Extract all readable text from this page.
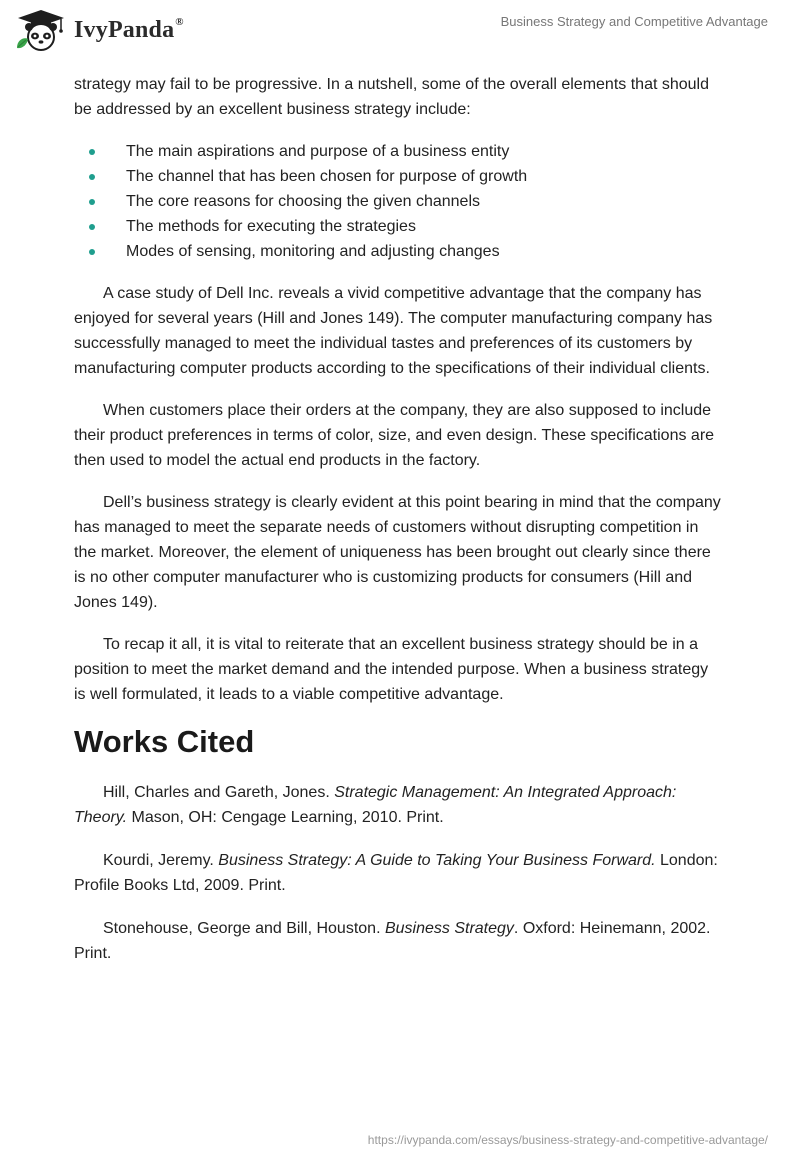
IvyPanda®	Business Strategy and Competitive Advantage

strategy may fail to be progressive. In a nutshell, some of the overall elements that should be addressed by an excellent business strategy include:

The main aspirations and purpose of a business entity
The channel that has been chosen for purpose of growth
The core reasons for choosing the given channels
The methods for executing the strategies
Modes of sensing, monitoring and adjusting changes

A case study of Dell Inc. reveals a vivid competitive advantage that the company has enjoyed for several years (Hill and Jones 149). The computer manufacturing company has successfully managed to meet the individual tastes and preferences of its customers by manufacturing computer products according to the specifications of their individual clients.

When customers place their orders at the company, they are also supposed to include their product preferences in terms of color, size, and even design. These specifications are then used to model the actual end products in the factory.

Dell’s business strategy is clearly evident at this point bearing in mind that the company has managed to meet the separate needs of customers without disrupting competition in the market. Moreover, the element of uniqueness has been brought out clearly since there is no other computer manufacturer who is customizing products for consumers (Hill and Jones 149).

To recap it all, it is vital to reiterate that an excellent business strategy should be in a position to meet the market demand and the intended purpose. When a business strategy is well formulated, it leads to a viable competitive advantage.

Works Cited

Hill, Charles and Gareth, Jones. Strategic Management: An Integrated Approach: Theory. Mason, OH: Cengage Learning, 2010. Print.

Kourdi, Jeremy. Business Strategy: A Guide to Taking Your Business Forward. London: Profile Books Ltd, 2009. Print.

Stonehouse, George and Bill, Houston. Business Strategy. Oxford: Heinemann, 2002. Print.

https://ivypanda.com/essays/business-strategy-and-competitive-advantage/
